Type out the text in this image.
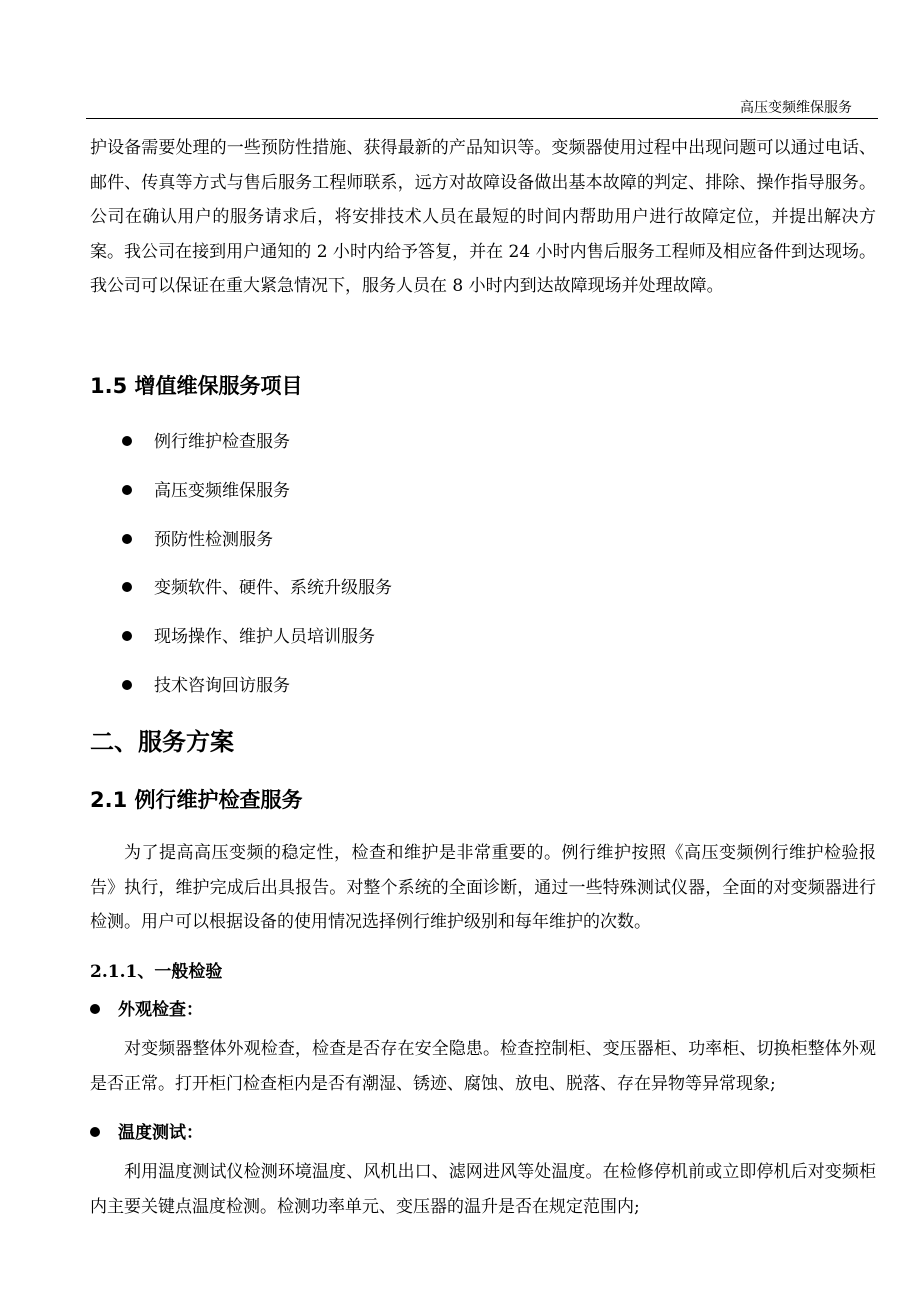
高压变频维保服务

护设备需要处理的一些预防性措施、获得最新的产品知识等。变频器使用过程中出现问题可以通过电话、邮件、传真等方式与售后服务工程师联系，远方对故障设备做出基本故障的判定、排除、操作指导服务。公司在确认用户的服务请求后，将安排技术人员在最短的时间内帮助用户进行故障定位，并提出解决方案。我公司在接到用户通知的 2 小时内给予答复，并在 24 小时内售后服务工程师及相应备件到达现场。我公司可以保证在重大紧急情况下，服务人员在 8 小时内到达故障现场并处理故障。

1.5 增值维保服务项目
例行维护检查服务
高压变频维保服务
预防性检测服务
变频软件、硬件、系统升级服务
现场操作、维护人员培训服务
技术咨询回访服务
二、服务方案
2.1 例行维护检查服务

为了提高高压变频的稳定性，检查和维护是非常重要的。例行维护按照《高压变频例行维护检验报告》执行，维护完成后出具报告。对整个系统的全面诊断，通过一些特殊测试仪器，全面的对变频器进行检测。用户可以根据设备的使用情况选择例行维护级别和每年维护的次数。

2.1.1、一般检验
外观检查：

对变频器整体外观检查，检查是否存在安全隐患。检查控制柜、变压器柜、功率柜、切换柜整体外观是否正常。打开柜门检查柜内是否有潮湿、锈迹、腐蚀、放电、脱落、存在异物等异常现象;

温度测试：

利用温度测试仪检测环境温度、风机出口、滤网进风等处温度。在检修停机前或立即停机后对变频柜内主要关键点温度检测。检测功率单元、变压器的温升是否在规定范围内;
